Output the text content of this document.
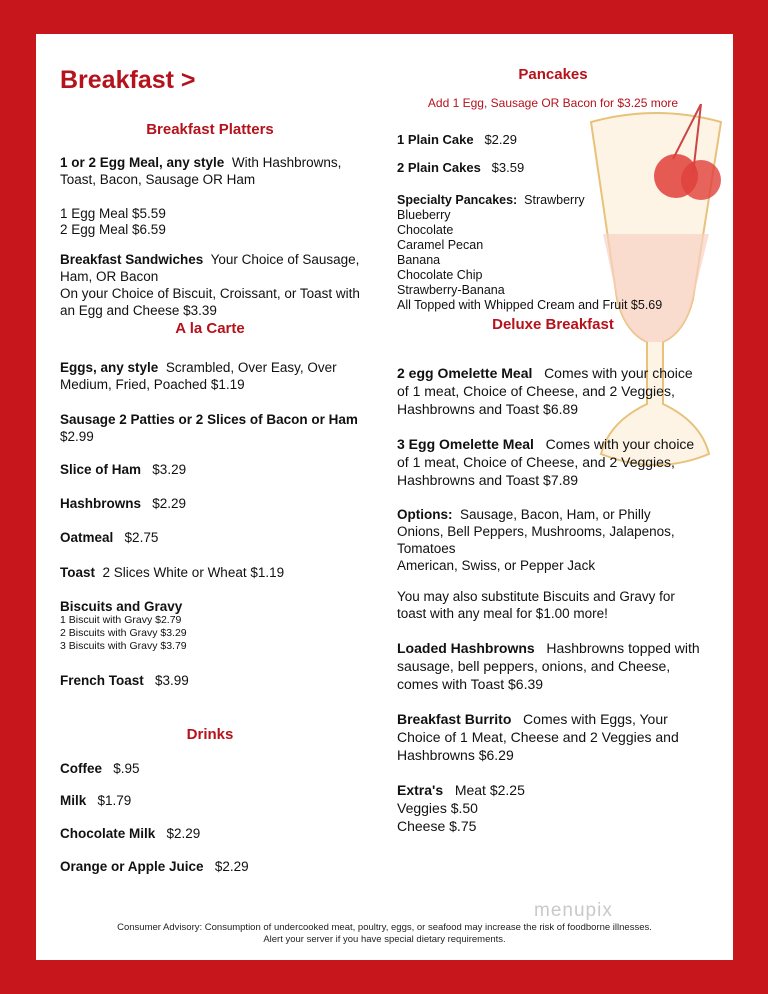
Breakfast >
Breakfast Platters
1 or 2 Egg Meal, any style With Hashbrowns, Toast, Bacon, Sausage OR Ham
1 Egg Meal $5.59
2 Egg Meal $6.59
Breakfast Sandwiches Your Choice of Sausage, Ham, OR Bacon
On your Choice of Biscuit, Croissant, or Toast with an Egg and Cheese $3.39
A la Carte
Eggs, any style Scrambled, Over Easy, Over Medium, Fried, Poached $1.19
Sausage 2 Patties or 2 Slices of Bacon or Ham
$2.99
Slice of Ham $3.29
Hashbrowns $2.29
Oatmeal $2.75
Toast 2 Slices White or Wheat $1.19
Biscuits and Gravy
1 Biscuit with Gravy $2.79
2 Biscuits with Gravy $3.29
3 Biscuits with Gravy $3.79
French Toast $3.99
Drinks
Coffee $.95
Milk $1.79
Chocolate Milk $2.29
Orange or Apple Juice $2.29
Pancakes
Add 1 Egg, Sausage OR Bacon for $3.25 more
1 Plain Cake $2.29
2 Plain Cakes $3.59
Specialty Pancakes: Strawberry
Blueberry
Chocolate
Caramel Pecan
Banana
Chocolate Chip
Strawberry-Banana
All Topped with Whipped Cream and Fruit $5.69
Deluxe Breakfast
2 egg Omelette Meal Comes with your choice of 1 meat, Choice of Cheese, and 2 Veggies, Hashbrowns and Toast $6.89
3 Egg Omelette Meal Comes with your choice of 1 meat, Choice of Cheese, and 2 Veggies, Hashbrowns and Toast $7.89
Options: Sausage, Bacon, Ham, or Philly Onions, Bell Peppers, Mushrooms, Jalapenos, Tomatoes
American, Swiss, or Pepper Jack
You may also substitute Biscuits and Gravy for toast with any meal for $1.00 more!
Loaded Hashbrowns Hashbrowns topped with sausage, bell peppers, onions, and Cheese, comes with Toast $6.39
Breakfast Burrito Comes with Eggs, Your Choice of 1 Meat, Cheese and 2 Veggies and Hashbrowns $6.29
Extra's Meat $2.25
Veggies $.50
Cheese $.75
menupix
Consumer Advisory: Consumption of undercooked meat, poultry, eggs, or seafood may increase the risk of foodborne illnesses.
Alert your server if you have special dietary requirements.
